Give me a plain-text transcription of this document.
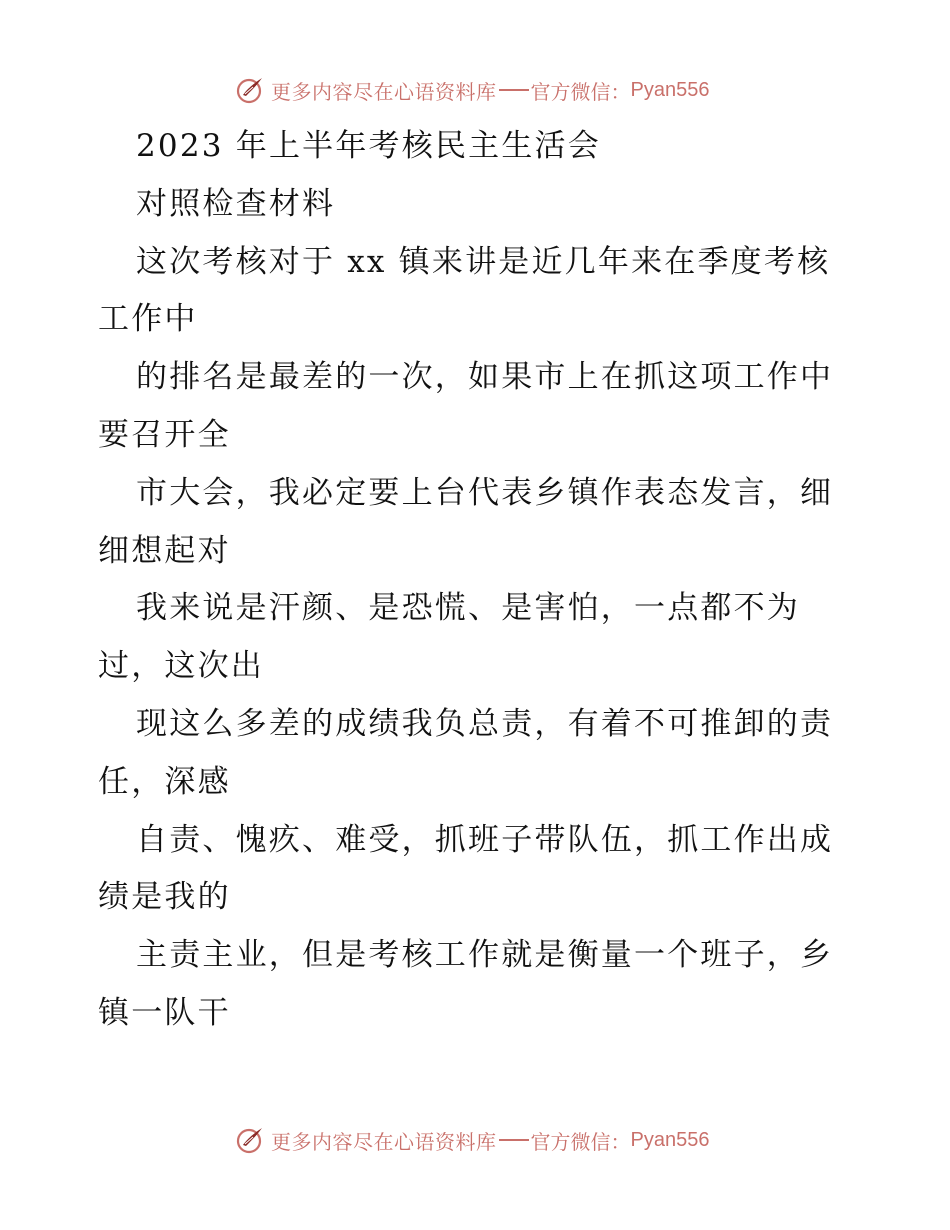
更多内容尽在心语资料库 官方微信： Pyan556
2023 年上半年考核民主生活会
对照检查材料
这次考核对于 xx 镇来讲是近几年来在季度考核
工作中
的排名是最差的一次，如果市上在抓这项工作中
要召开全
市大会，我必定要上台代表乡镇作表态发言，细
细想起对
我来说是汗颜、是恐慌、是害怕，一点都不为
过，这次出
现这么多差的成绩我负总责，有着不可推卸的责
任，深感
自责、愧疚、难受，抓班子带队伍，抓工作出成
绩是我的
主责主业，但是考核工作就是衡量一个班子，乡
镇一队干
更多内容尽在心语资料库 官方微信： Pyan556
